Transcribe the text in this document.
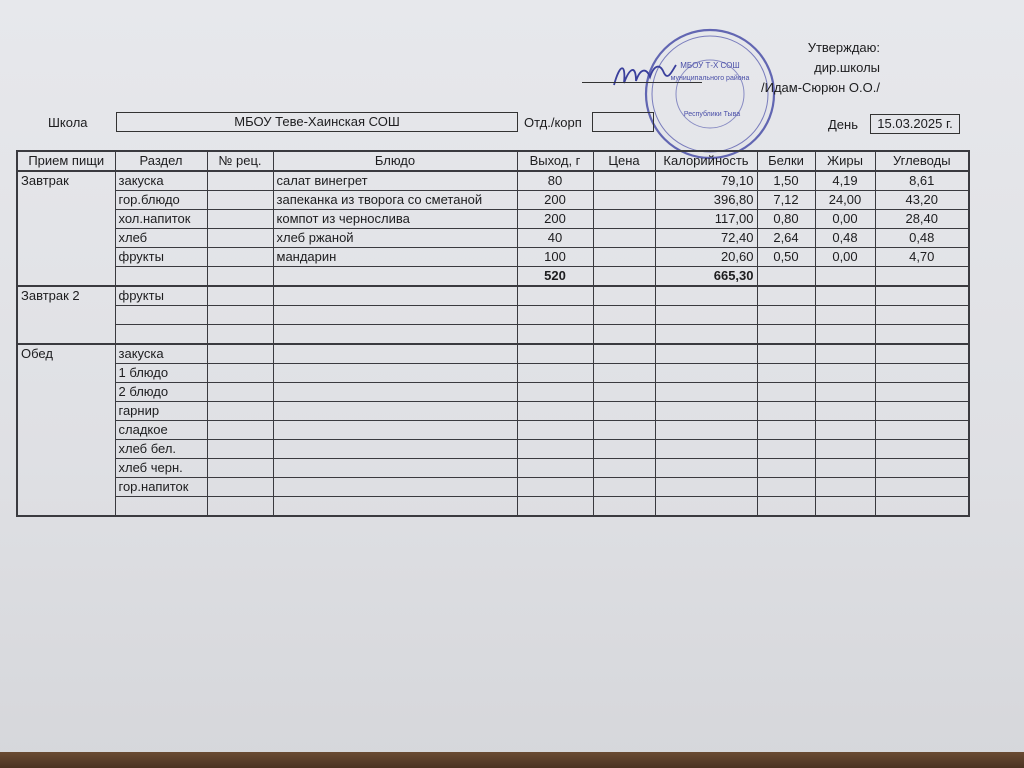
МБОУ Т-Х СОШ
муниципального района
Республики Тыва
Утверждаю:
дир.школы
/Идам-Сюрюн О.О./
Школа	МБОУ Теве-Хаинская СОШ	Отд./корп	День	15.03.2025 г.
Прием пищи	Раздел	№ рец.	Блюдо	Выход, г	Цена	Калорийность	Белки	Жиры	Углеводы
Завтрак	закуска		салат винегрет	80		79,10	1,50	4,19	8,61
	гор.блюдо		запеканка из творога со сметаной	200		396,80	7,12	24,00	43,20
	хол.напиток		компот из чернослива	200		117,00	0,80	0,00	28,40
	хлеб		хлеб ржаной	40		72,40	2,64	0,48	0,48
	фрукты		мандарин	100		20,60	0,50	0,00	4,70
				520		665,30			
Завтрак 2	фрукты								

Обед	закуска								
	1 блюдо								
	2 блюдо								
	гарнир								
	сладкое								
	хлеб бел.								
	хлеб черн.								
	гор.напиток								
